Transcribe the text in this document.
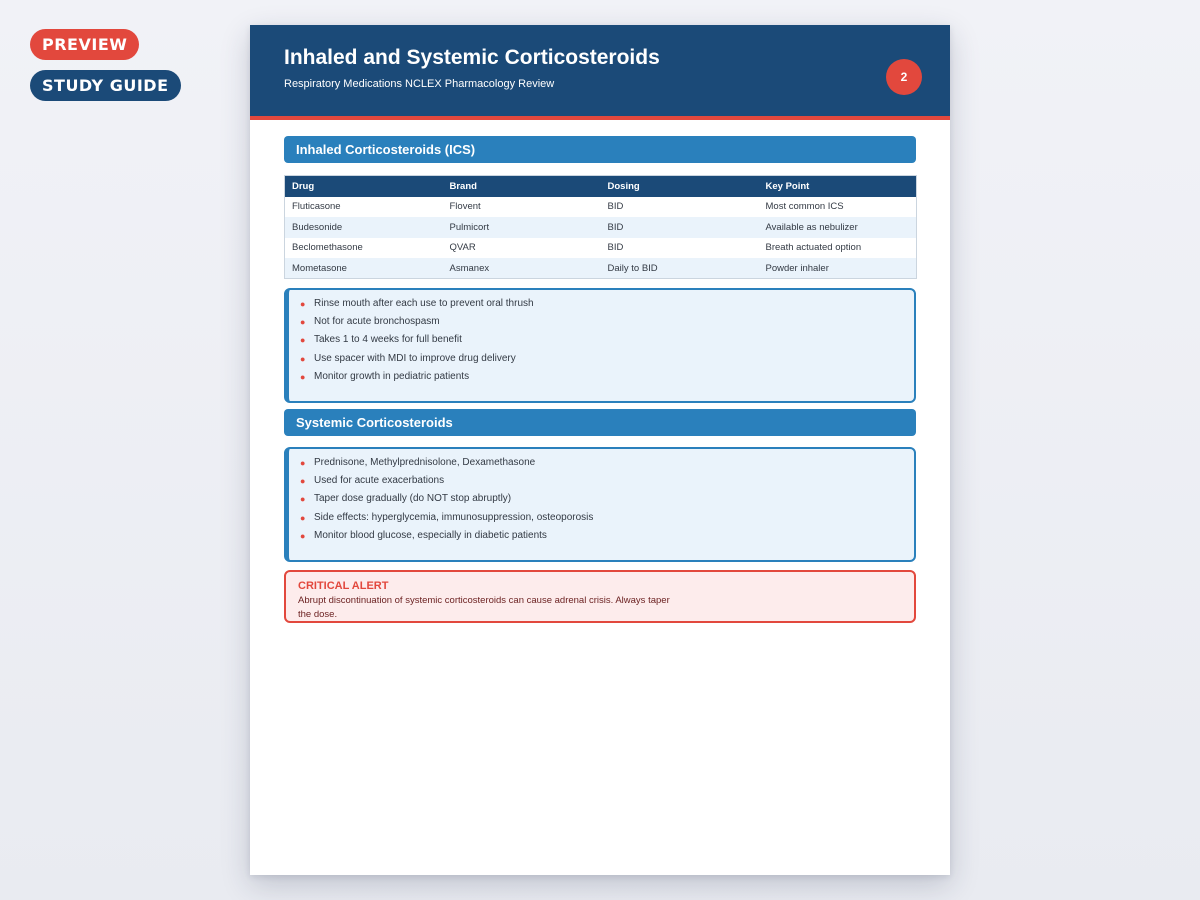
PREVIEW
STUDY GUIDE
Inhaled and Systemic Corticosteroids
Respiratory Medications NCLEX Pharmacology Review	2
Inhaled Corticosteroids (ICS)
Drug	Brand	Dosing	Key Point
Fluticasone	Flovent	BID	Most common ICS
Budesonide	Pulmicort	BID	Available as nebulizer
Beclomethasone	QVAR	BID	Breath actuated option
Mometasone	Asmanex	Daily to BID	Powder inhaler
● Rinse mouth after each use to prevent oral thrush
● Not for acute bronchospasm
● Takes 1 to 4 weeks for full benefit
● Use spacer with MDI to improve drug delivery
● Monitor growth in pediatric patients
Systemic Corticosteroids
● Prednisone, Methylprednisolone, Dexamethasone
● Used for acute exacerbations
● Taper dose gradually (do NOT stop abruptly)
● Side effects: hyperglycemia, immunosuppression, osteoporosis
● Monitor blood glucose, especially in diabetic patients
CRITICAL ALERT
Abrupt discontinuation of systemic corticosteroids can cause adrenal crisis. Always taper the dose.
